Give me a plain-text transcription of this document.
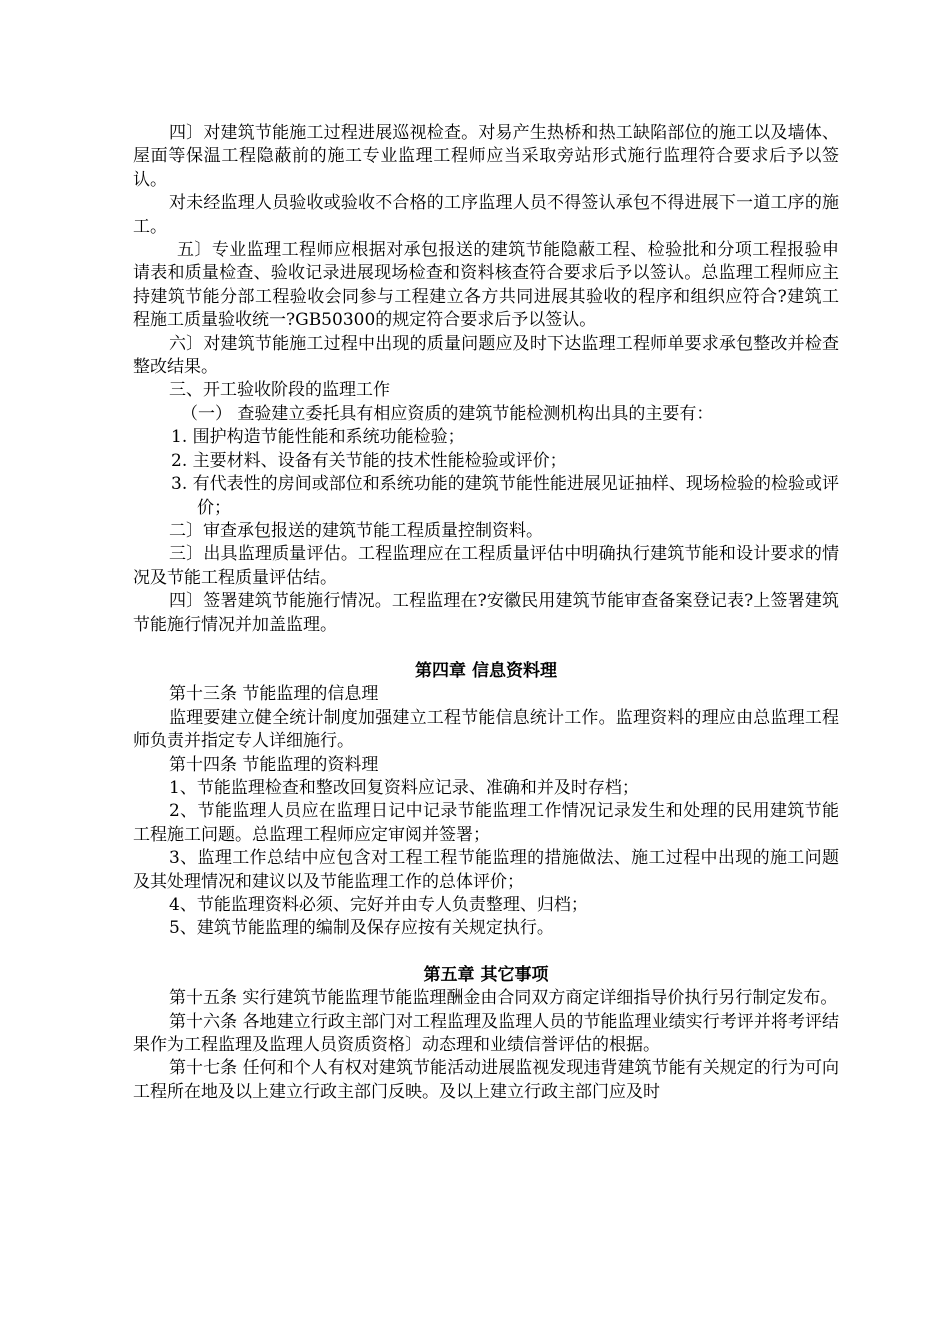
四〕对建筑节能施工过程进展巡视检查。对易产生热桥和热工缺陷部位的施工以及墙体、屋面等保温工程隐蔽前的施工专业监理工程师应当采取旁站形式施行监理符合要求后予以签认。

对未经监理人员验收或验收不合格的工序监理人员不得签认承包不得进展下一道工序的施工。

五〕专业监理工程师应根据对承包报送的建筑节能隐蔽工程、检验批和分项工程报验申请表和质量检查、验收记录进展现场检查和资料核查符合要求后予以签认。总监理工程师应主持建筑节能分部工程验收会同参与工程建立各方共同进展其验收的程序和组织应符合?建筑工程施工质量验收统一?GB50300的规定符合要求后予以签认。

六〕对建筑节能施工过程中出现的质量问题应及时下达监理工程师单要求承包整改并检查整改结果。

三、开工验收阶段的监理工作

（一） 查验建立委托具有相应资质的建筑节能检测机构出具的主要有：

1. 围护构造节能性能和系统功能检验；

2. 主要材料、设备有关节能的技术性能检验或评价；

3. 有代表性的房间或部位和系统功能的建筑节能性能进展见证抽样、现场检验的检验或评价；

二〕审查承包报送的建筑节能工程质量控制资料。

三〕出具监理质量评估。工程监理应在工程质量评估中明确执行建筑节能和设计要求的情况及节能工程质量评估结。

四〕签署建筑节能施行情况。工程监理在?安徽民用建筑节能审查备案登记表?上签署建筑节能施行情况并加盖监理。

第四章 信息资料理

第十三条 节能监理的信息理

监理要建立健全统计制度加强建立工程节能信息统计工作。监理资料的理应由总监理工程师负责并指定专人详细施行。

第十四条 节能监理的资料理

1、节能监理检查和整改回复资料应记录、准确和并及时存档；

2、节能监理人员应在监理日记中记录节能监理工作情况记录发生和处理的民用建筑节能工程施工问题。总监理工程师应定审阅并签署；

3、监理工作总结中应包含对工程工程节能监理的措施做法、施工过程中出现的施工问题及其处理情况和建议以及节能监理工作的总体评价；

4、节能监理资料必须、完好并由专人负责整理、归档；

5、建筑节能监理的编制及保存应按有关规定执行。

第五章 其它事项

第十五条 实行建筑节能监理节能监理酬金由合同双方商定详细指导价执行另行制定发布。

第十六条 各地建立行政主部门对工程监理及监理人员的节能监理业绩实行考评并将考评结果作为工程监理及监理人员资质资格〕动态理和业绩信誉评估的根据。

第十七条 任何和个人有权对建筑节能活动进展监视发现违背建筑节能有关规定的行为可向工程所在地及以上建立行政主部门反映。及以上建立行政主部门应及时
